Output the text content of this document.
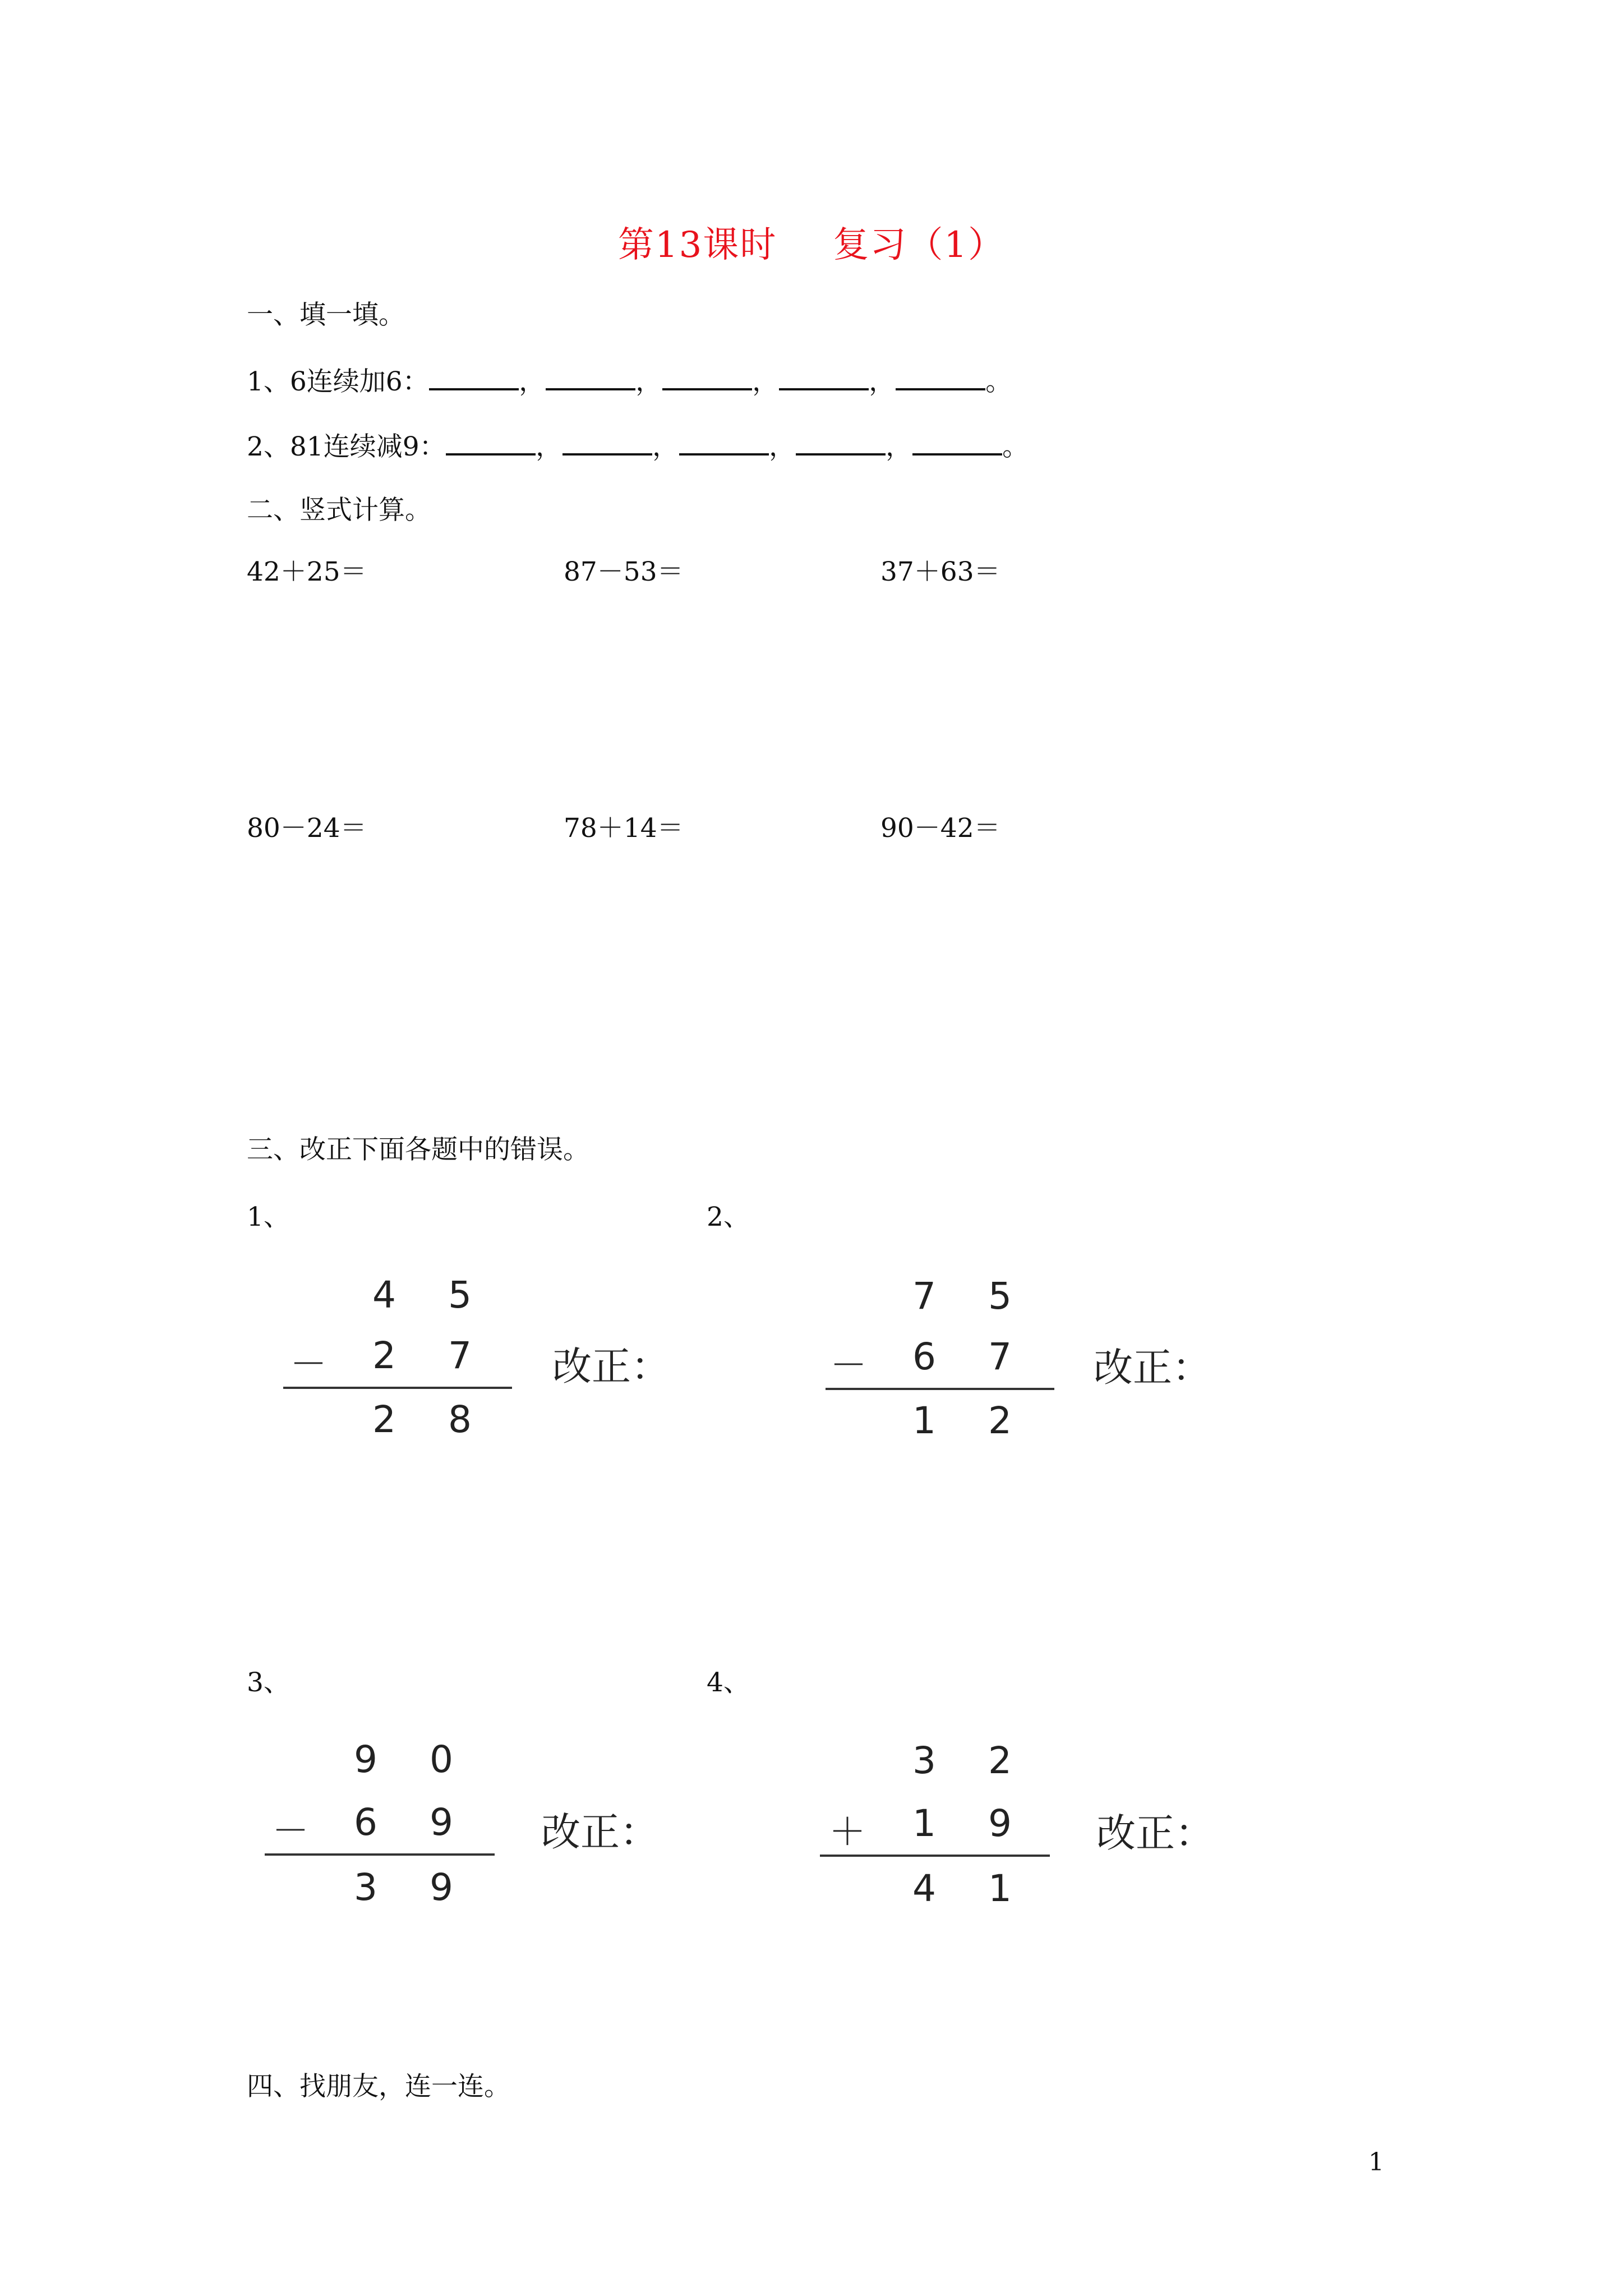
第13课时 复习（1）
一、填一填。
1、6连续加6：	，	，	，	，	。
2、81连续减9：	，	，	，	，	。
二、竖式计算。
42＋25＝	87－53＝	37＋63＝
80－24＝	78＋14＝	90－42＝
三、改正下面各题中的错误。
1、
4 5
－ 2 7
2 8
改正：
2、
7 5
－ 6 7
1 2
改正：
3、
9 0
－ 6 9
3 9
改正：
4、
3 2
＋ 1 9
4 1
改正：
四、找朋友，连一连。
1
